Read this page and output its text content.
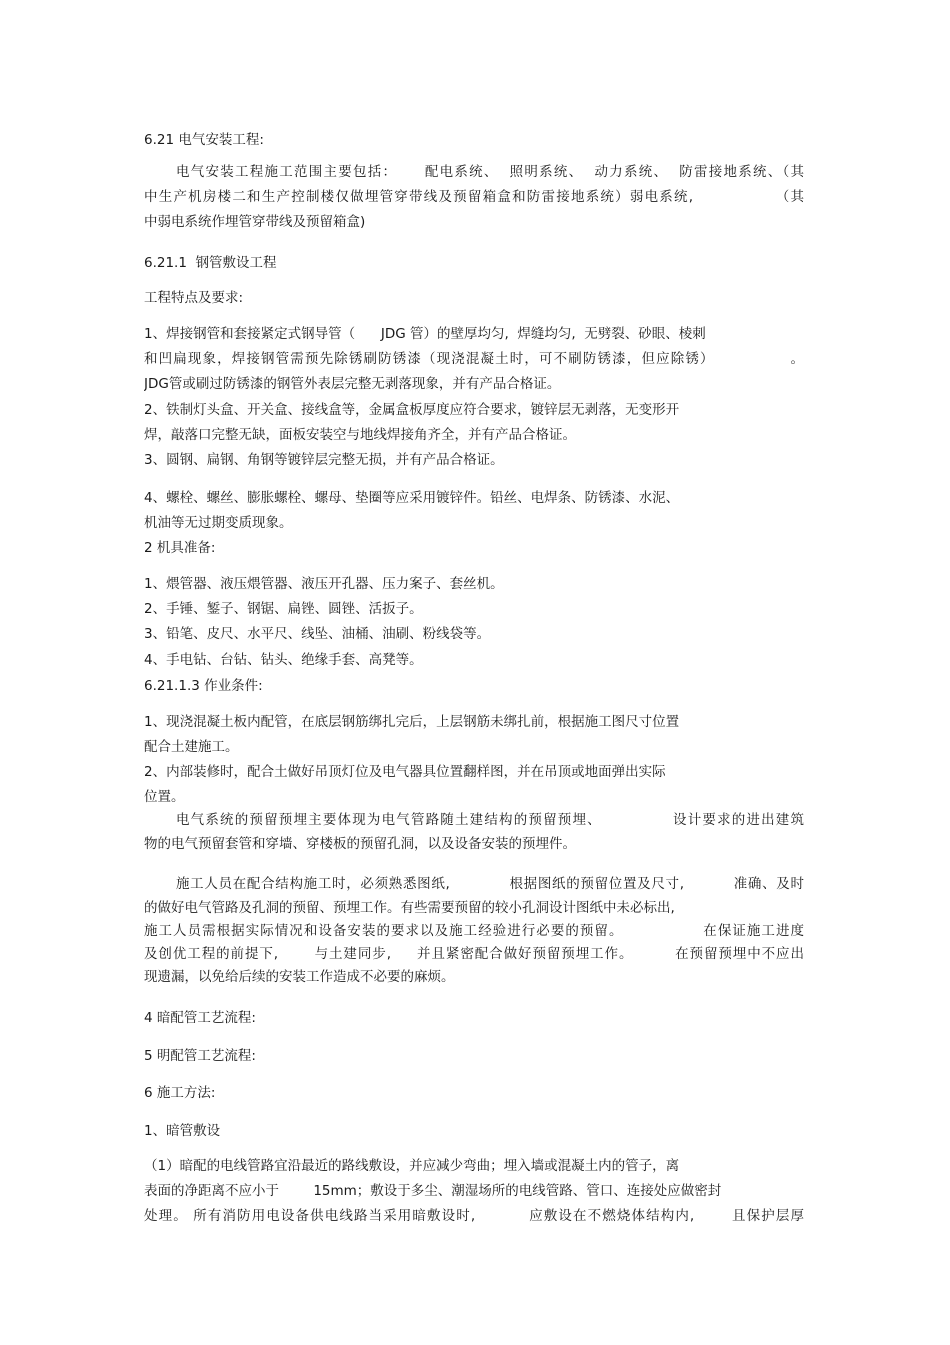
6.21 电气安装工程:
电气安装工程施工范围主要包括：     配电系统、  照明系统、  动力系统、  防雷接地系统、（其
中生产机房楼二和生产控制楼仅做埋管穿带线及预留箱盒和防雷接地系统）弱电系统,               （其
中弱电系统作埋管穿带线及预留箱盒)
6.21.1  钢管敷设工程
工程特点及要求:
1、焊接钢管和套接紧定式钢导管（      JDG 管）的壁厚均匀,  焊缝均匀,  无劈裂、砂眼、棱刺
和凹扁现象，焊接钢管需预先除锈刷防锈漆（现浇混凝土时，可不刷防锈漆，但应除锈）              。
JDG管或刷过防锈漆的钢管外表层完整无剥落现象，并有产品合格证。
2、铁制灯头盒、开关盒、接线盒等，金属盒板厚度应符合要求，镀锌层无剥落，无变形开
焊，敲落口完整无缺，面板安装空与地线焊接角齐全，并有产品合格证。
3、圆钢、扁钢、角钢等镀锌层完整无损，并有产品合格证。
4、螺栓、螺丝、膨胀螺栓、螺母、垫圈等应采用镀锌件。铅丝、电焊条、防锈漆、水泥、
机油等无过期变质现象。
2 机具准备:
1、煨管器、液压煨管器、液压开孔器、压力案子、套丝机。
2、手锤、錾子、钢锯、扁锉、圆锉、活扳子。
3、铅笔、皮尺、水平尺、线坠、油桶、油刷、粉线袋等。
4、手电钻、台钻、钻头、绝缘手套、高凳等。
6.21.1.3 作业条件:
1、现浇混凝土板内配管，在底层钢筋绑扎完后，上层钢筋未绑扎前，根据施工图尺寸位置
配合土建施工。
2、内部装修时，配合土做好吊顶灯位及电气器具位置翻样图，并在吊顶或地面弹出实际
位置。
电气系统的预留预埋主要体现为电气管路随土建结构的预留预埋、             设计要求的进出建筑
物的电气预留套管和穿墙、穿楼板的预留孔洞，以及设备安装的预埋件。
施工人员在配合结构施工时，必须熟悉图纸,            根据图纸的预留位置及尺寸,          准确、及时
的做好电气管路及孔洞的预留、预埋工作。有些需要预留的较小孔洞设计图纸中未必标出,
施工人员需根据实际情况和设备安装的要求以及施工经验进行必要的预留。               在保证施工进度
及创优工程的前提下,       与土建同步,     并且紧密配合做好预留预埋工作。        在预留预埋中不应出
现遗漏，以免给后续的安装工作造成不必要的麻烦。
4 暗配管工艺流程:
5 明配管工艺流程:
6 施工方法:
1、暗管敷设
（1）暗配的电线管路宜沿最近的路线敷设，并应减少弯曲；埋入墙或混凝土内的管子，离
表面的净距离不应小于        15mm；敷设于多尘、潮湿场所的电线管路、管口、连接处应做密封
处理。 所有消防用电设备供电线路当采用暗敷设时,          应敷设在不燃烧体结构内,       且保护层厚
